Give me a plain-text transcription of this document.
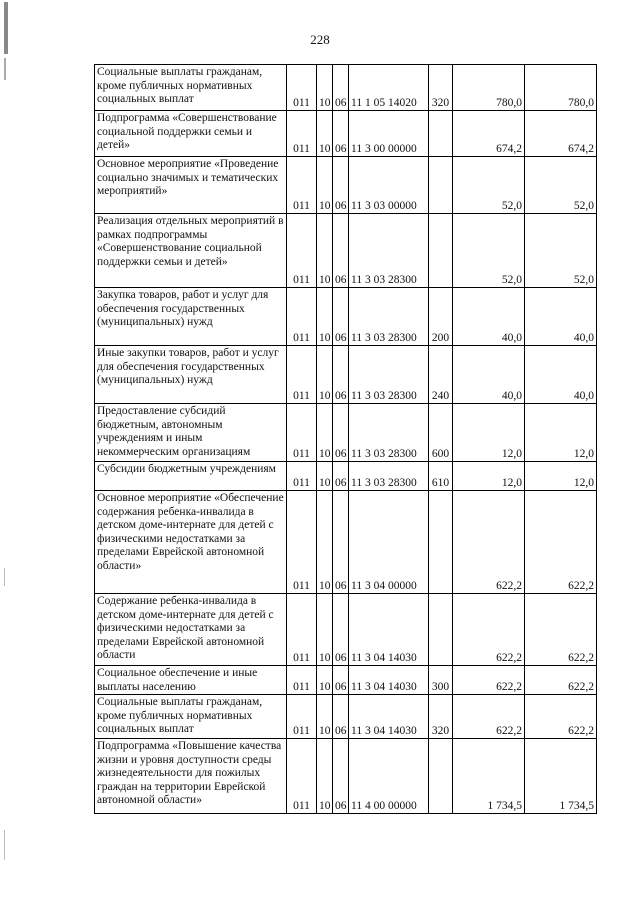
228
Социальные выплаты гражданам, кроме публичных нормативных социальных выплат	011	10	06	11 1 05 14020	320	780,0	780,0
Подпрограмма «Совершенствование социальной поддержки семьи и детей»	011	10	06	11 3 00 00000		674,2	674,2
Основное мероприятие «Проведение социально значимых и тематических мероприятий»	011	10	06	11 3 03 00000		52,0	52,0
Реализация отдельных мероприятий в рамках подпрограммы «Совершенствование социальной поддержки семьи и детей»	011	10	06	11 3 03 28300		52,0	52,0
Закупка товаров, работ и услуг для обеспечения государственных (муниципальных) нужд	011	10	06	11 3 03 28300	200	40,0	40,0
Иные закупки товаров, работ и услуг для обеспечения государственных (муниципальных) нужд	011	10	06	11 3 03 28300	240	40,0	40,0
Предоставление субсидий бюджетным, автономным учреждениям и иным некоммерческим организациям	011	10	06	11 3 03 28300	600	12,0	12,0
Субсидии бюджетным учреждениям	011	10	06	11 3 03 28300	610	12,0	12,0
Основное мероприятие «Обеспечение содержания ребенка-инвалида в детском доме-интернате для детей с физическими недостатками за пределами Еврейской автономной области»	011	10	06	11 3 04 00000		622,2	622,2
Содержание ребенка-инвалида в детском доме-интернате для детей с физическими недостатками за пределами Еврейской автономной области	011	10	06	11 3 04 14030		622,2	622,2
Социальное обеспечение и иные выплаты населению	011	10	06	11 3 04 14030	300	622,2	622,2
Социальные выплаты гражданам, кроме публичных нормативных социальных выплат	011	10	06	11 3 04 14030	320	622,2	622,2
Подпрограмма «Повышение качества жизни и уровня доступности среды жизнедеятельности для пожилых граждан на территории Еврейской автономной области»	011	10	06	11 4 00 00000		1 734,5	1 734,5
